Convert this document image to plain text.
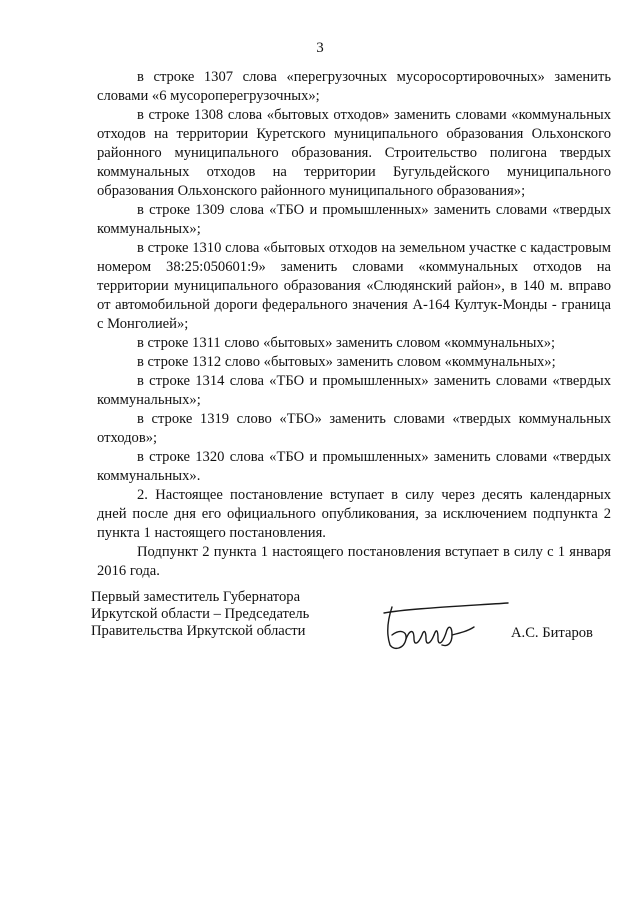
3

в строке 1307 слова «перегрузочных мусоросортировочных» заменить словами «6 мусороперегрузочных»;

в строке 1308 слова «бытовых отходов» заменить словами «коммунальных отходов на территории Куретского муниципального образования Ольхонского районного муниципального образования. Строительство полигона твердых коммунальных отходов на территории Бугульдейского муниципального образования Ольхонского районного муниципального образования»;

в строке 1309 слова «ТБО и промышленных» заменить словами «твердых коммунальных»;

в строке 1310 слова «бытовых отходов на земельном участке с кадастровым номером 38:25:050601:9» заменить словами «коммунальных отходов на территории муниципального образования «Слюдянский район», в 140 м. вправо от автомобильной дороги федерального значения А-164 Култук-Монды - граница с Монголией»;

в строке 1311 слово «бытовых» заменить словом «коммунальных»;

в строке 1312 слово «бытовых» заменить словом «коммунальных»;

в строке 1314 слова «ТБО и промышленных» заменить словами «твердых коммунальных»;

в строке 1319 слово «ТБО» заменить словами «твердых коммунальных отходов»;

в строке 1320 слова «ТБО и промышленных» заменить словами «твердых коммунальных».

2. Настоящее постановление вступает в силу через десять календарных дней после дня его официального опубликования, за исключением подпункта 2 пункта 1 настоящего постановления.

Подпункт 2 пункта 1 настоящего постановления вступает в силу с 1 января 2016 года.

Первый заместитель Губернатора
Иркутской области – Председатель
Правительства Иркутской области	А.С. Битаров
